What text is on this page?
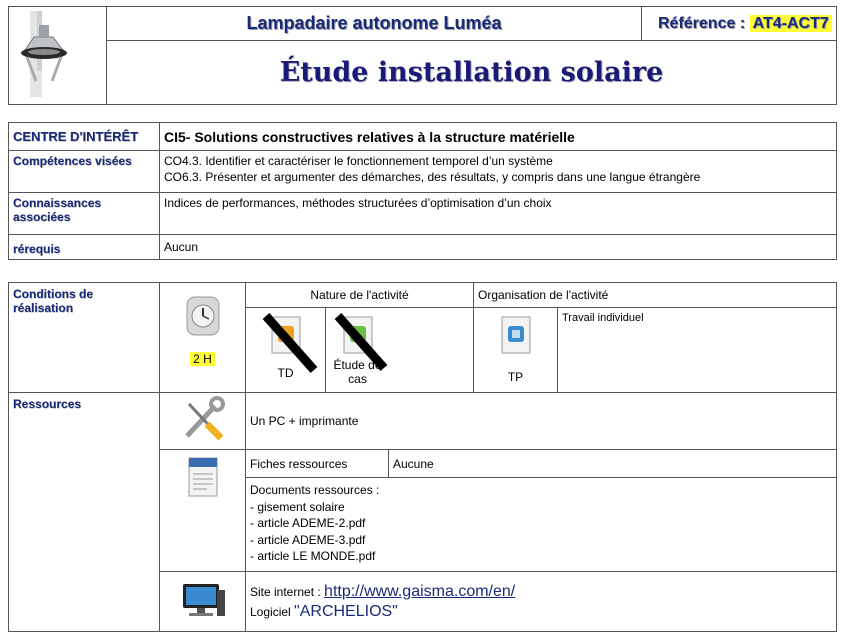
	Lampadaire autonome Luméa	Référence : AT4-ACT7
Étude installation solaire
CENTRE D'INTÉRÊT	CI5- Solutions constructives relatives à la structure matérielle
Compétences visées	CO4.3. Identifier et caractériser le fonctionnement temporel d’un système
CO6.3. Présenter et argumenter des démarches, des résultats, y compris dans une langue étrangère

Connaissances associées	Indices de performances, méthodes structurées d’optimisation d’un choix
rérequis	Aucun
Conditions de réalisation	2 H	Nature de l'activité			Organisation de l'activité	

		TD	Étude de cas		TP	Travail individuel
Ressources		Un PC + imprimante				
	Fiches ressources		Aucune		

		Documents ressources :
- gisement solaire
- article ADEME-2.pdf
- article ADEME-3.pdf
- article LE MONDE.pdf				

Site internet : http://www.gaisma.com/en/
Logiciel "ARCHELIOS"				
